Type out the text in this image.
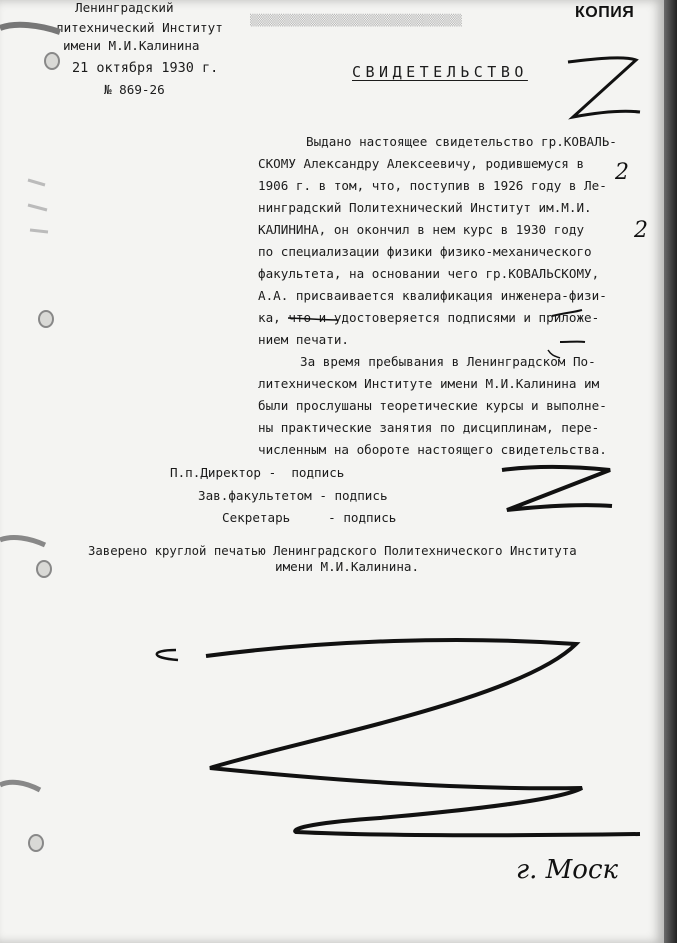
▒▒▒▒▒▒▒▒▒▒▒▒▒▒▒▒▒▒▒▒▒▒▒▒▒▒▒▒▒▒▒▒
Ленинградский
литехнический Институт
имени М.И.Калинина
21 октября 1930 г.
№ 869-26
КОПИЯ
СВИДЕТЕЛЬСТВО
Выдано настоящее свидетельство гр.КОВАЛЬ-
СКОМУ Александру Алексеевичу, родившемуся в
1906 г. в том, что, поступив в 1926 году в Ле-
нинградский Политехнический Институт им.М.И.
КАЛИНИНА, он окончил в нем курс в 1930 году
по специализации физики физико-механического
факультета, на основании чего гр.КОВАЛЬСКОМУ,
А.А. присваивается квалификация инженера-физи-
ка, что и удостоверяется подписями и приложе-
нием печати.
За время пребывания в Ленинградском По-
литехническом Институте имени М.И.Калинина им
были прослушаны теоретические курсы и выполне-
ны практические занятия по дисциплинам, пере-
численным на обороте настоящего свидетельства.
П.п.Директор -  подпись
Зав.факультетом - подпись
Секретарь     - подпись
Заверено круглой печатью Ленинградского Политехнического Института
имени М.И.Калинина.
2
2
г. Моск
